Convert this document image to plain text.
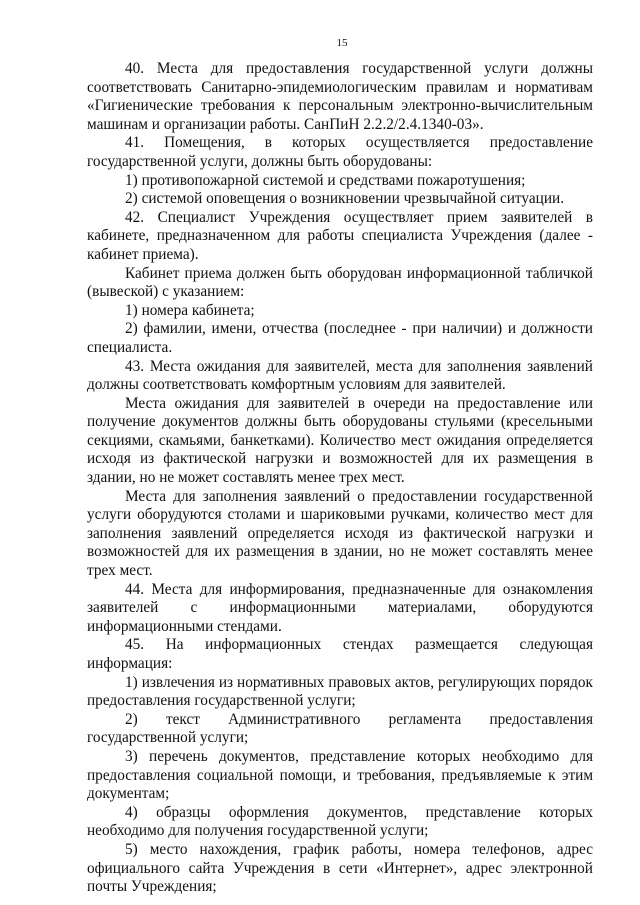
15

40. Места для предоставления государственной услуги должны соответствовать Санитарно-эпидемиологическим правилам и нормативам «Гигиенические требования к персональным электронно-вычислительным машинам и организации работы. СанПиН 2.2.2/2.4.1340-03».

41. Помещения, в которых осуществляется предоставление государственной услуги, должны быть оборудованы:

1) противопожарной системой и средствами пожаротушения;

2) системой оповещения о возникновении чрезвычайной ситуации.

42. Специалист Учреждения осуществляет прием заявителей в кабинете, предназначенном для работы специалиста Учреждения (далее - кабинет приема).

Кабинет приема должен быть оборудован информационной табличкой (вывеской) с указанием:

1) номера кабинета;

2) фамилии, имени, отчества (последнее - при наличии) и должности специалиста.

43. Места ожидания для заявителей, места для заполнения заявлений должны соответствовать комфортным условиям для заявителей.

Места ожидания для заявителей в очереди на предоставление или получение документов должны быть оборудованы стульями (кресельными секциями, скамьями, банкетками). Количество мест ожидания определяется исходя из фактической нагрузки и возможностей для их размещения в здании, но не может составлять менее трех мест.

Места для заполнения заявлений о предоставлении государственной услуги оборудуются столами и шариковыми ручками, количество мест для заполнения заявлений определяется исходя из фактической нагрузки и возможностей для их размещения в здании, но не может составлять менее трех мест.

44. Места для информирования, предназначенные для ознакомления заявителей с информационными материалами, оборудуются информационными стендами.

45. На информационных стендах размещается следующая информация:

1) извлечения из нормативных правовых актов, регулирующих порядок предоставления государственной услуги;

2) текст Административного регламента предоставления государственной услуги;

3) перечень документов, представление которых необходимо для предоставления социальной помощи, и требования, предъявляемые к этим документам;

4) образцы оформления документов, представление которых необходимо для получения государственной услуги;

5) место нахождения, график работы, номера телефонов, адрес официального сайта Учреждения в сети «Интернет», адрес электронной почты Учреждения;
